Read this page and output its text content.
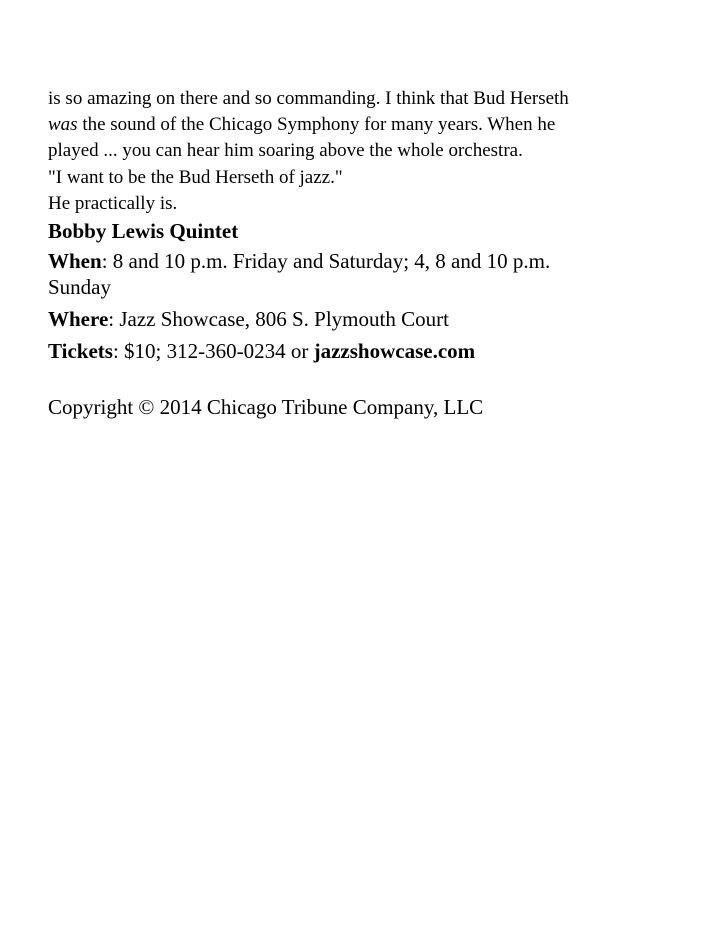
is so amazing on there and so commanding. I think that Bud Herseth
was the sound of the Chicago Symphony for many years. When he
played ... you can hear him soaring above the whole orchestra.

"I want to be the Bud Herseth of jazz."

He practically is.

Bobby Lewis Quintet

When: 8 and 10 p.m. Friday and Saturday; 4, 8 and 10 p.m.
Sunday

Where: Jazz Showcase, 806 S. Plymouth Court

Tickets: $10; 312-360-0234 or jazzshowcase.com

Copyright © 2014 Chicago Tribune Company, LLC
